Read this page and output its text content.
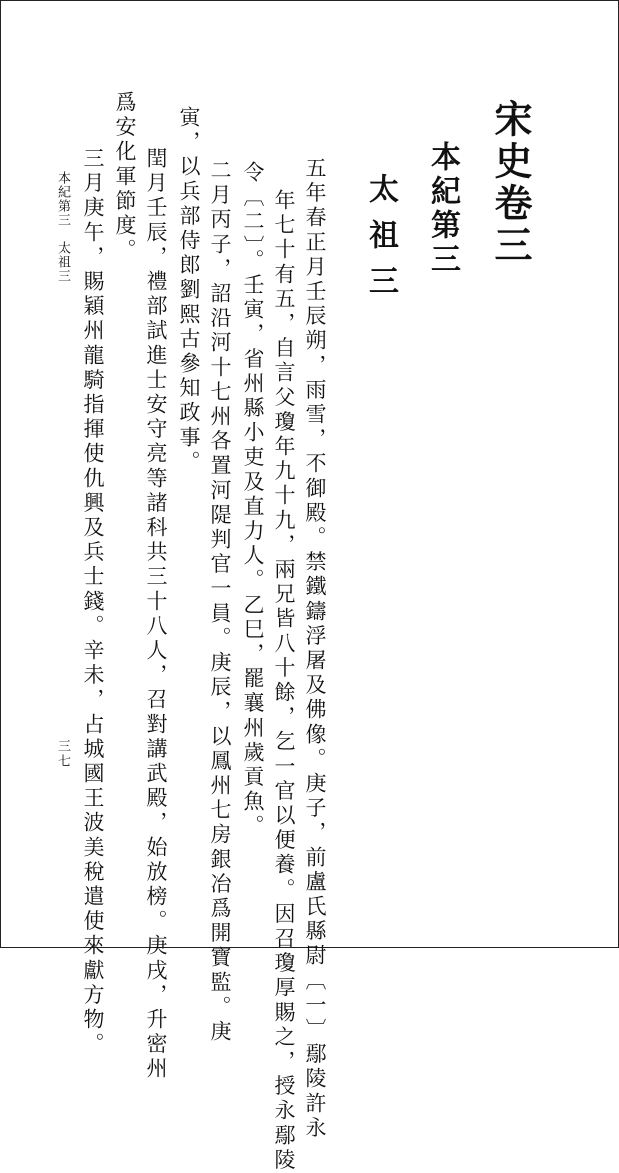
宋史卷三
本紀第三
太祖三
五年春正月壬辰朔，雨雪，不御殿。禁鐵鑄浮屠及佛像。庚子，前盧氏縣尉〔一〕鄢陵許永
年七十有五，自言父瓊年九十九，兩兄皆八十餘，乞一官以便養。因召瓊厚賜之，授永鄢陵
令〔二〕。壬寅，省州縣小吏及直力人。乙巳，罷襄州歲貢魚。
二月丙子，詔沿河十七州各置河隄判官一員。庚辰，以鳳州七房銀冶爲開寶監。庚
寅，以兵部侍郎劉熙古參知政事。
閏月壬辰，禮部試進士安守亮等諸科共三十八人，召對講武殿，始放榜。庚戌，升密州
爲安化軍節度。
三月庚午，賜穎州龍騎指揮使仇興及兵士錢。辛未，占城國王波美稅遣使來獻方物。
本紀第三　太祖三
三七
